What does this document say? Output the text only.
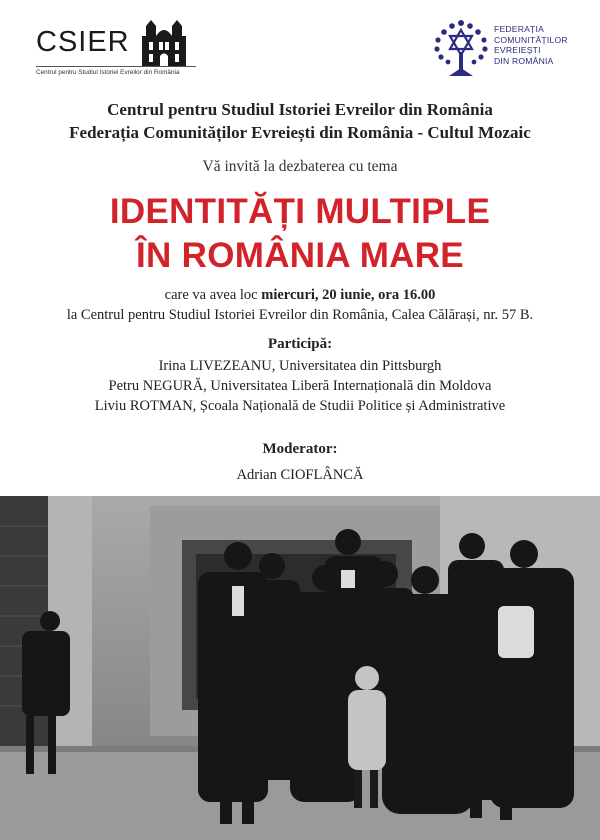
CSIER
Centrul pentru Studiul Istoriei Evreilor din România
FEDERAȚIA
COMUNITĂȚILOR
EVREIEȘTI
DIN ROMÂNIA
Centrul pentru Studiul Istoriei Evreilor din România
Federația Comunităților Evreiești din România - Cultul Mozaic
Vă invită la dezbaterea cu tema
IDENTITĂȚI MULTIPLE
ÎN ROMÂNIA MARE
care va avea loc miercuri, 20 iunie, ora 16.00
la Centrul pentru Studiul Istoriei Evreilor din România, Calea Călărași, nr. 57 B.
Participă:
Irina LIVEZEANU, Universitatea din Pittsburgh
Petru NEGURĂ, Universitatea Liberă Internațională din Moldova
Liviu ROTMAN, Școala Națională de Studii Politice și Administrative
Moderator:
Adrian CIOFLÂNCĂ
